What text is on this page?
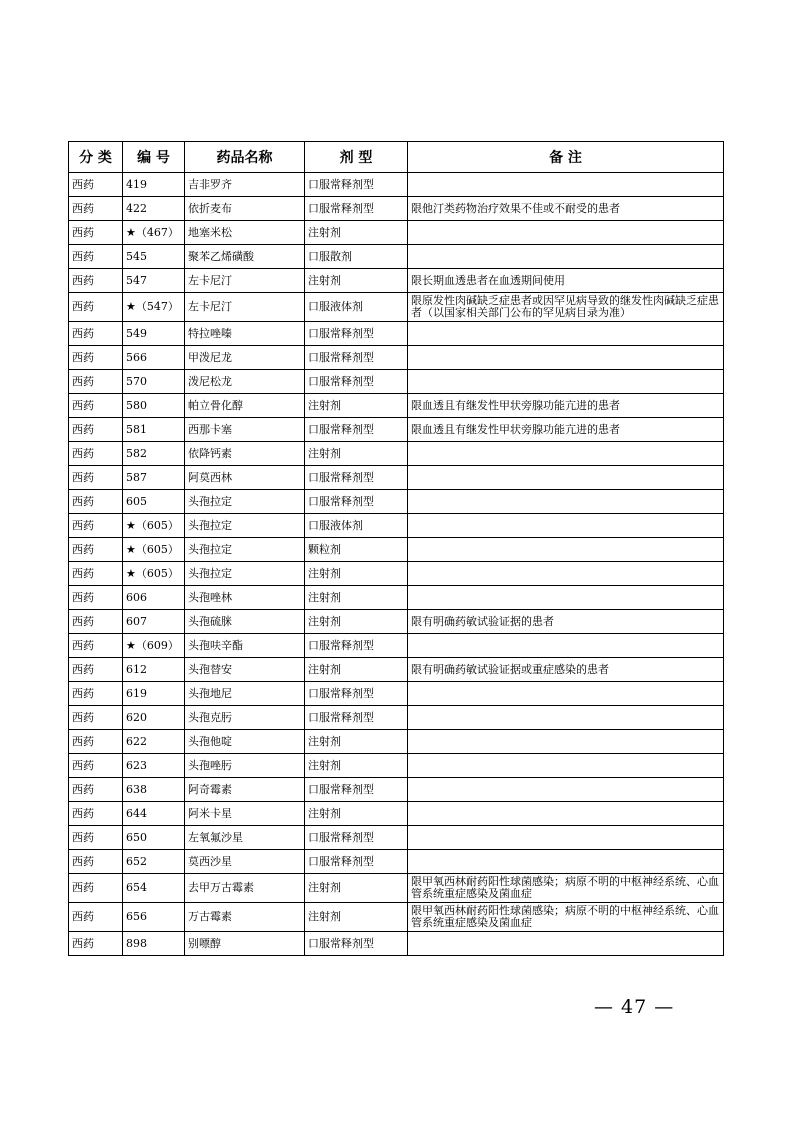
分 类	编 号	药品名称	剂 型	备 注
西药	419	吉非罗齐	口服常释剂型	
西药	422	依折麦布	口服常释剂型	限他汀类药物治疗效果不佳或不耐受的患者
西药	★（467）	地塞米松	注射剂	
西药	545	聚苯乙烯磺酸	口服散剂	
西药	547	左卡尼汀	注射剂	限长期血透患者在血透期间使用
西药	★（547）	左卡尼汀	口服液体剂	限原发性肉碱缺乏症患者或因罕见病导致的继发性肉碱缺乏症患者（以国家相关部门公布的罕见病目录为准）
西药	549	特拉唑嗪	口服常释剂型	
西药	566	甲泼尼龙	口服常释剂型	
西药	570	泼尼松龙	口服常释剂型	
西药	580	帕立骨化醇	注射剂	限血透且有继发性甲状旁腺功能亢进的患者
西药	581	西那卡塞	口服常释剂型	限血透且有继发性甲状旁腺功能亢进的患者
西药	582	依降钙素	注射剂	
西药	587	阿莫西林	口服常释剂型	
西药	605	头孢拉定	口服常释剂型	
西药	★（605）	头孢拉定	口服液体剂	
西药	★（605）	头孢拉定	颗粒剂	
西药	★（605）	头孢拉定	注射剂	
西药	606	头孢唑林	注射剂	
西药	607	头孢硫脒	注射剂	限有明确药敏试验证据的患者
西药	★（609）	头孢呋辛酯	口服常释剂型	
西药	612	头孢替安	注射剂	限有明确药敏试验证据或重症感染的患者
西药	619	头孢地尼	口服常释剂型	
西药	620	头孢克肟	口服常释剂型	
西药	622	头孢他啶	注射剂	
西药	623	头孢唑肟	注射剂	
西药	638	阿奇霉素	口服常释剂型	
西药	644	阿米卡星	注射剂	
西药	650	左氧氟沙星	口服常释剂型	
西药	652	莫西沙星	口服常释剂型	
西药	654	去甲万古霉素	注射剂	限甲氧西林耐药阳性球菌感染；病原不明的中枢神经系统、心血管系统重症感染及菌血症
西药	656	万古霉素	注射剂	限甲氧西林耐药阳性球菌感染；病原不明的中枢神经系统、心血管系统重症感染及菌血症
西药	898	别嘌醇	口服常释剂型	
— 47 —
